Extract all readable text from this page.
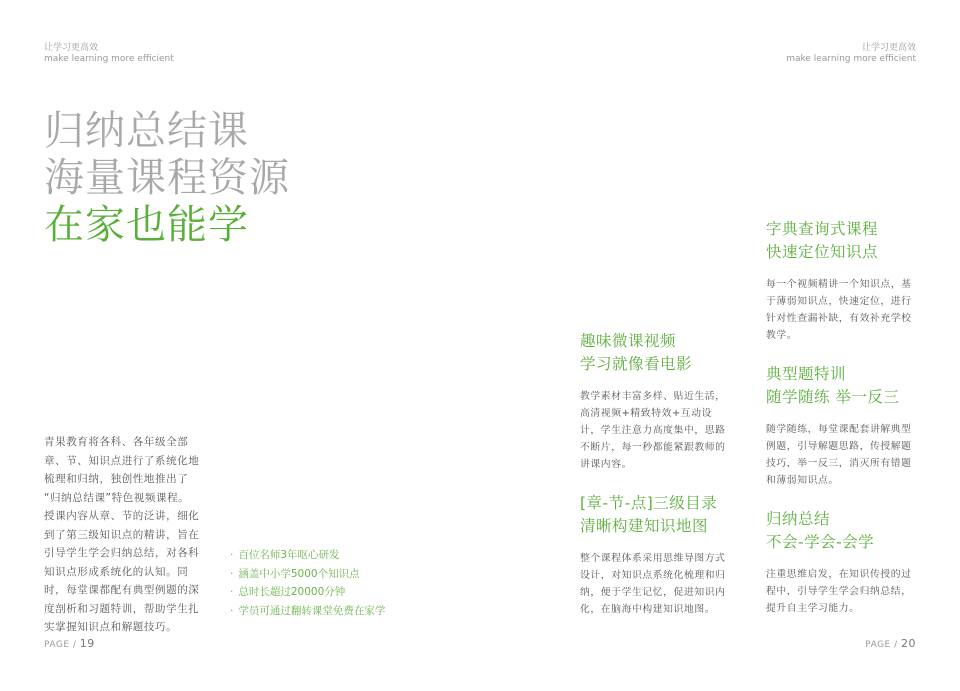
让学习更高效
make learning more efficient
归纳总结课
海量课程资源
在家也能学
青果教育将各科、各年级全部
章、节、知识点进行了系统化地
梳理和归纳，独创性地推出了
“归纳总结课”特色视频课程。
授课内容从章、节的泛讲，细化
到了第三级知识点的精讲，旨在
引导学生学会归纳总结，对各科
知识点形成系统化的认知。同
时，每堂课都配有典型例题的深
度剖析和习题特训，帮助学生扎
实掌握知识点和解题技巧。
· 百位名师3年呕心研发
· 涵盖中小学5000个知识点
· 总时长超过20000分钟
· 学员可通过翻转课堂免费在家学
PAGE / 19
让学习更高效
make learning more efficient
趣味微课视频
学习就像看电影
教学素材丰富多样、贴近生活，
高清视频+精致特效+互动设
计，学生注意力高度集中，思路
不断片，每一秒都能紧跟教师的
讲课内容。
[章-节-点]三级目录
清晰构建知识地图
整个课程体系采用思维导图方式
设计，对知识点系统化梳理和归
纳，便于学生记忆，促进知识内
化，在脑海中构建知识地图。
字典查询式课程
快速定位知识点
每一个视频精讲一个知识点，基
于薄弱知识点，快速定位，进行
针对性查漏补缺，有效补充学校
教学。
典型题特训
随学随练 举一反三
随学随练，每堂课配套讲解典型
例题，引导解题思路，传授解题
技巧，举一反三，消灭所有错题
和薄弱知识点。
归纳总结
不会-学会-会学
注重思维启发，在知识传授的过
程中，引导学生学会归纳总结，
提升自主学习能力。
PAGE / 20
